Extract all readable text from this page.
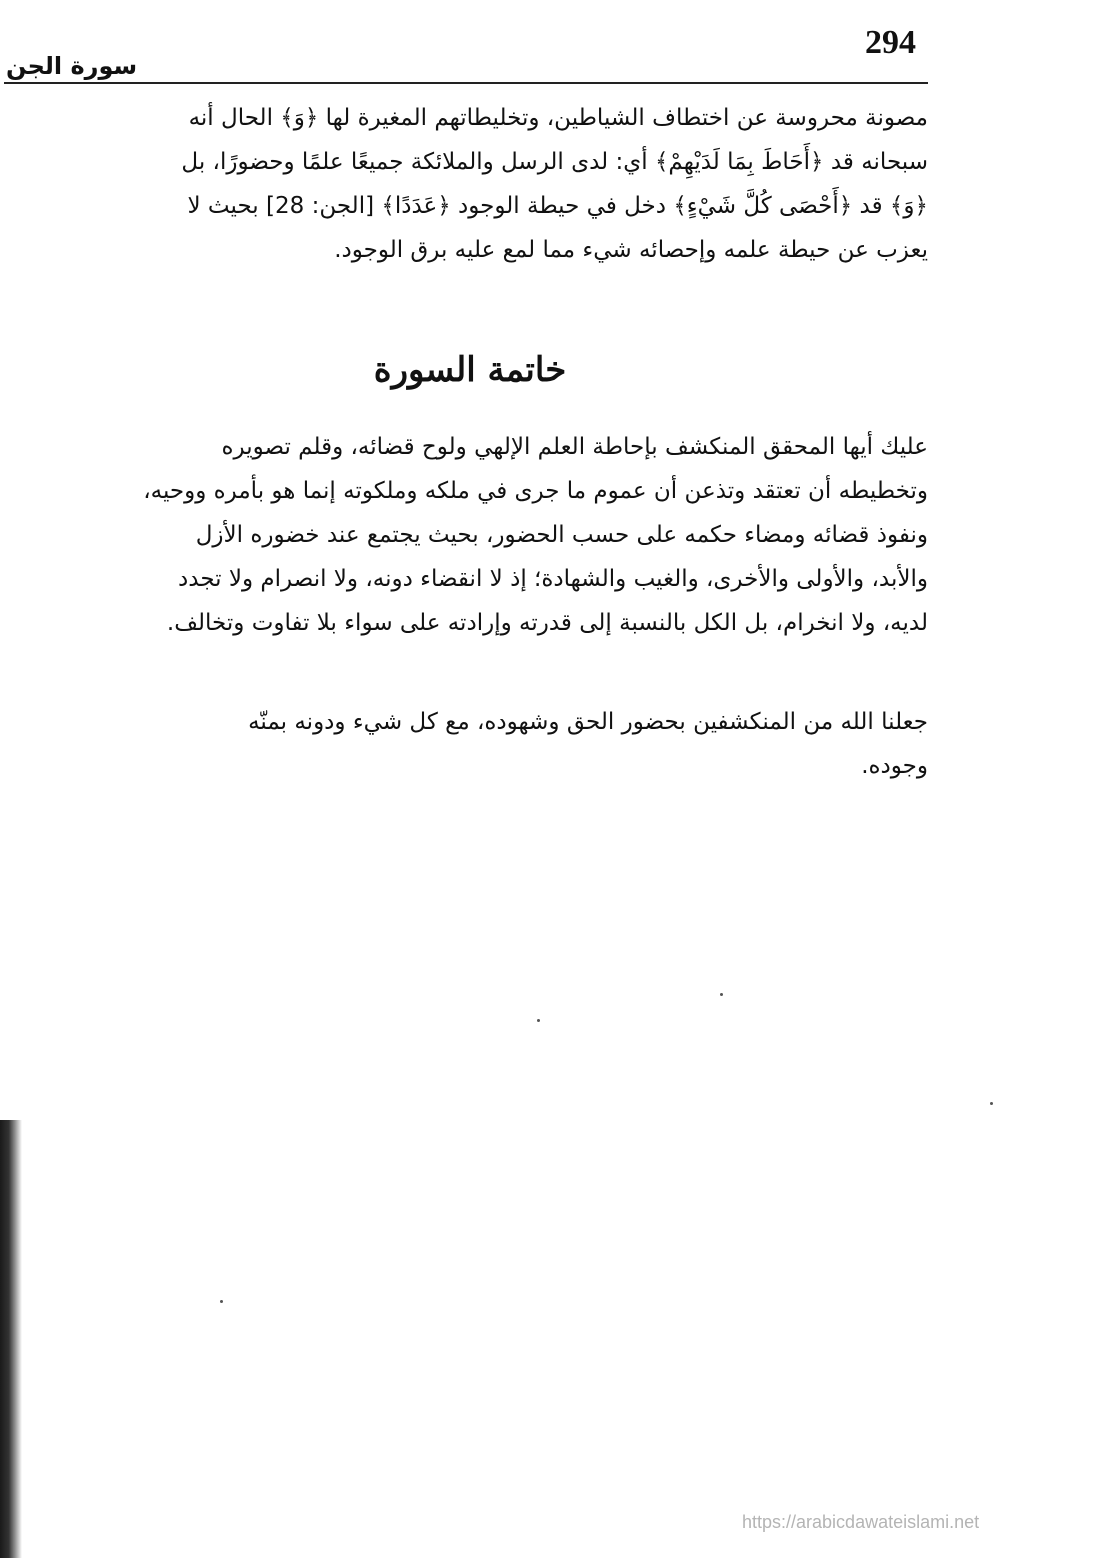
294
سورة الجن
مصونة محروسة عن اختطاف الشياطين، وتخليطاتهم المغيرة لها ﴿وَ﴾ الحال أنه
سبحانه قد ﴿أَحَاطَ بِمَا لَدَيْهِمْ﴾ أي: لدى الرسل والملائكة جميعًا علمًا وحضورًا، بل
﴿وَ﴾ قد ﴿أَحْصَى كُلَّ شَيْءٍ﴾ دخل في حيطة الوجود ﴿عَدَدًا﴾ [الجن: 28] بحيث لا
يعزب عن حيطة علمه وإحصائه شيء مما لمع عليه برق الوجود.
خاتمة السورة
عليك أيها المحقق المنكشف بإحاطة العلم الإلهي ولوح قضائه، وقلم تصويره
وتخطيطه أن تعتقد وتذعن أن عموم ما جرى في ملكه وملكوته إنما هو بأمره ووحيه،
ونفوذ قضائه ومضاء حكمه على حسب الحضور، بحيث يجتمع عند خضوره الأزل
والأبد، والأولى والأخرى، والغيب والشهادة؛ إذ لا انقضاء دونه، ولا انصرام ولا تجدد
لديه، ولا انخرام، بل الكل بالنسبة إلى قدرته وإرادته على سواء بلا تفاوت وتخالف.
جعلنا الله من المنكشفين بحضور الحق وشهوده، مع كل شيء ودونه بمنّه
وجوده.
https://arabicdawateislami.net
